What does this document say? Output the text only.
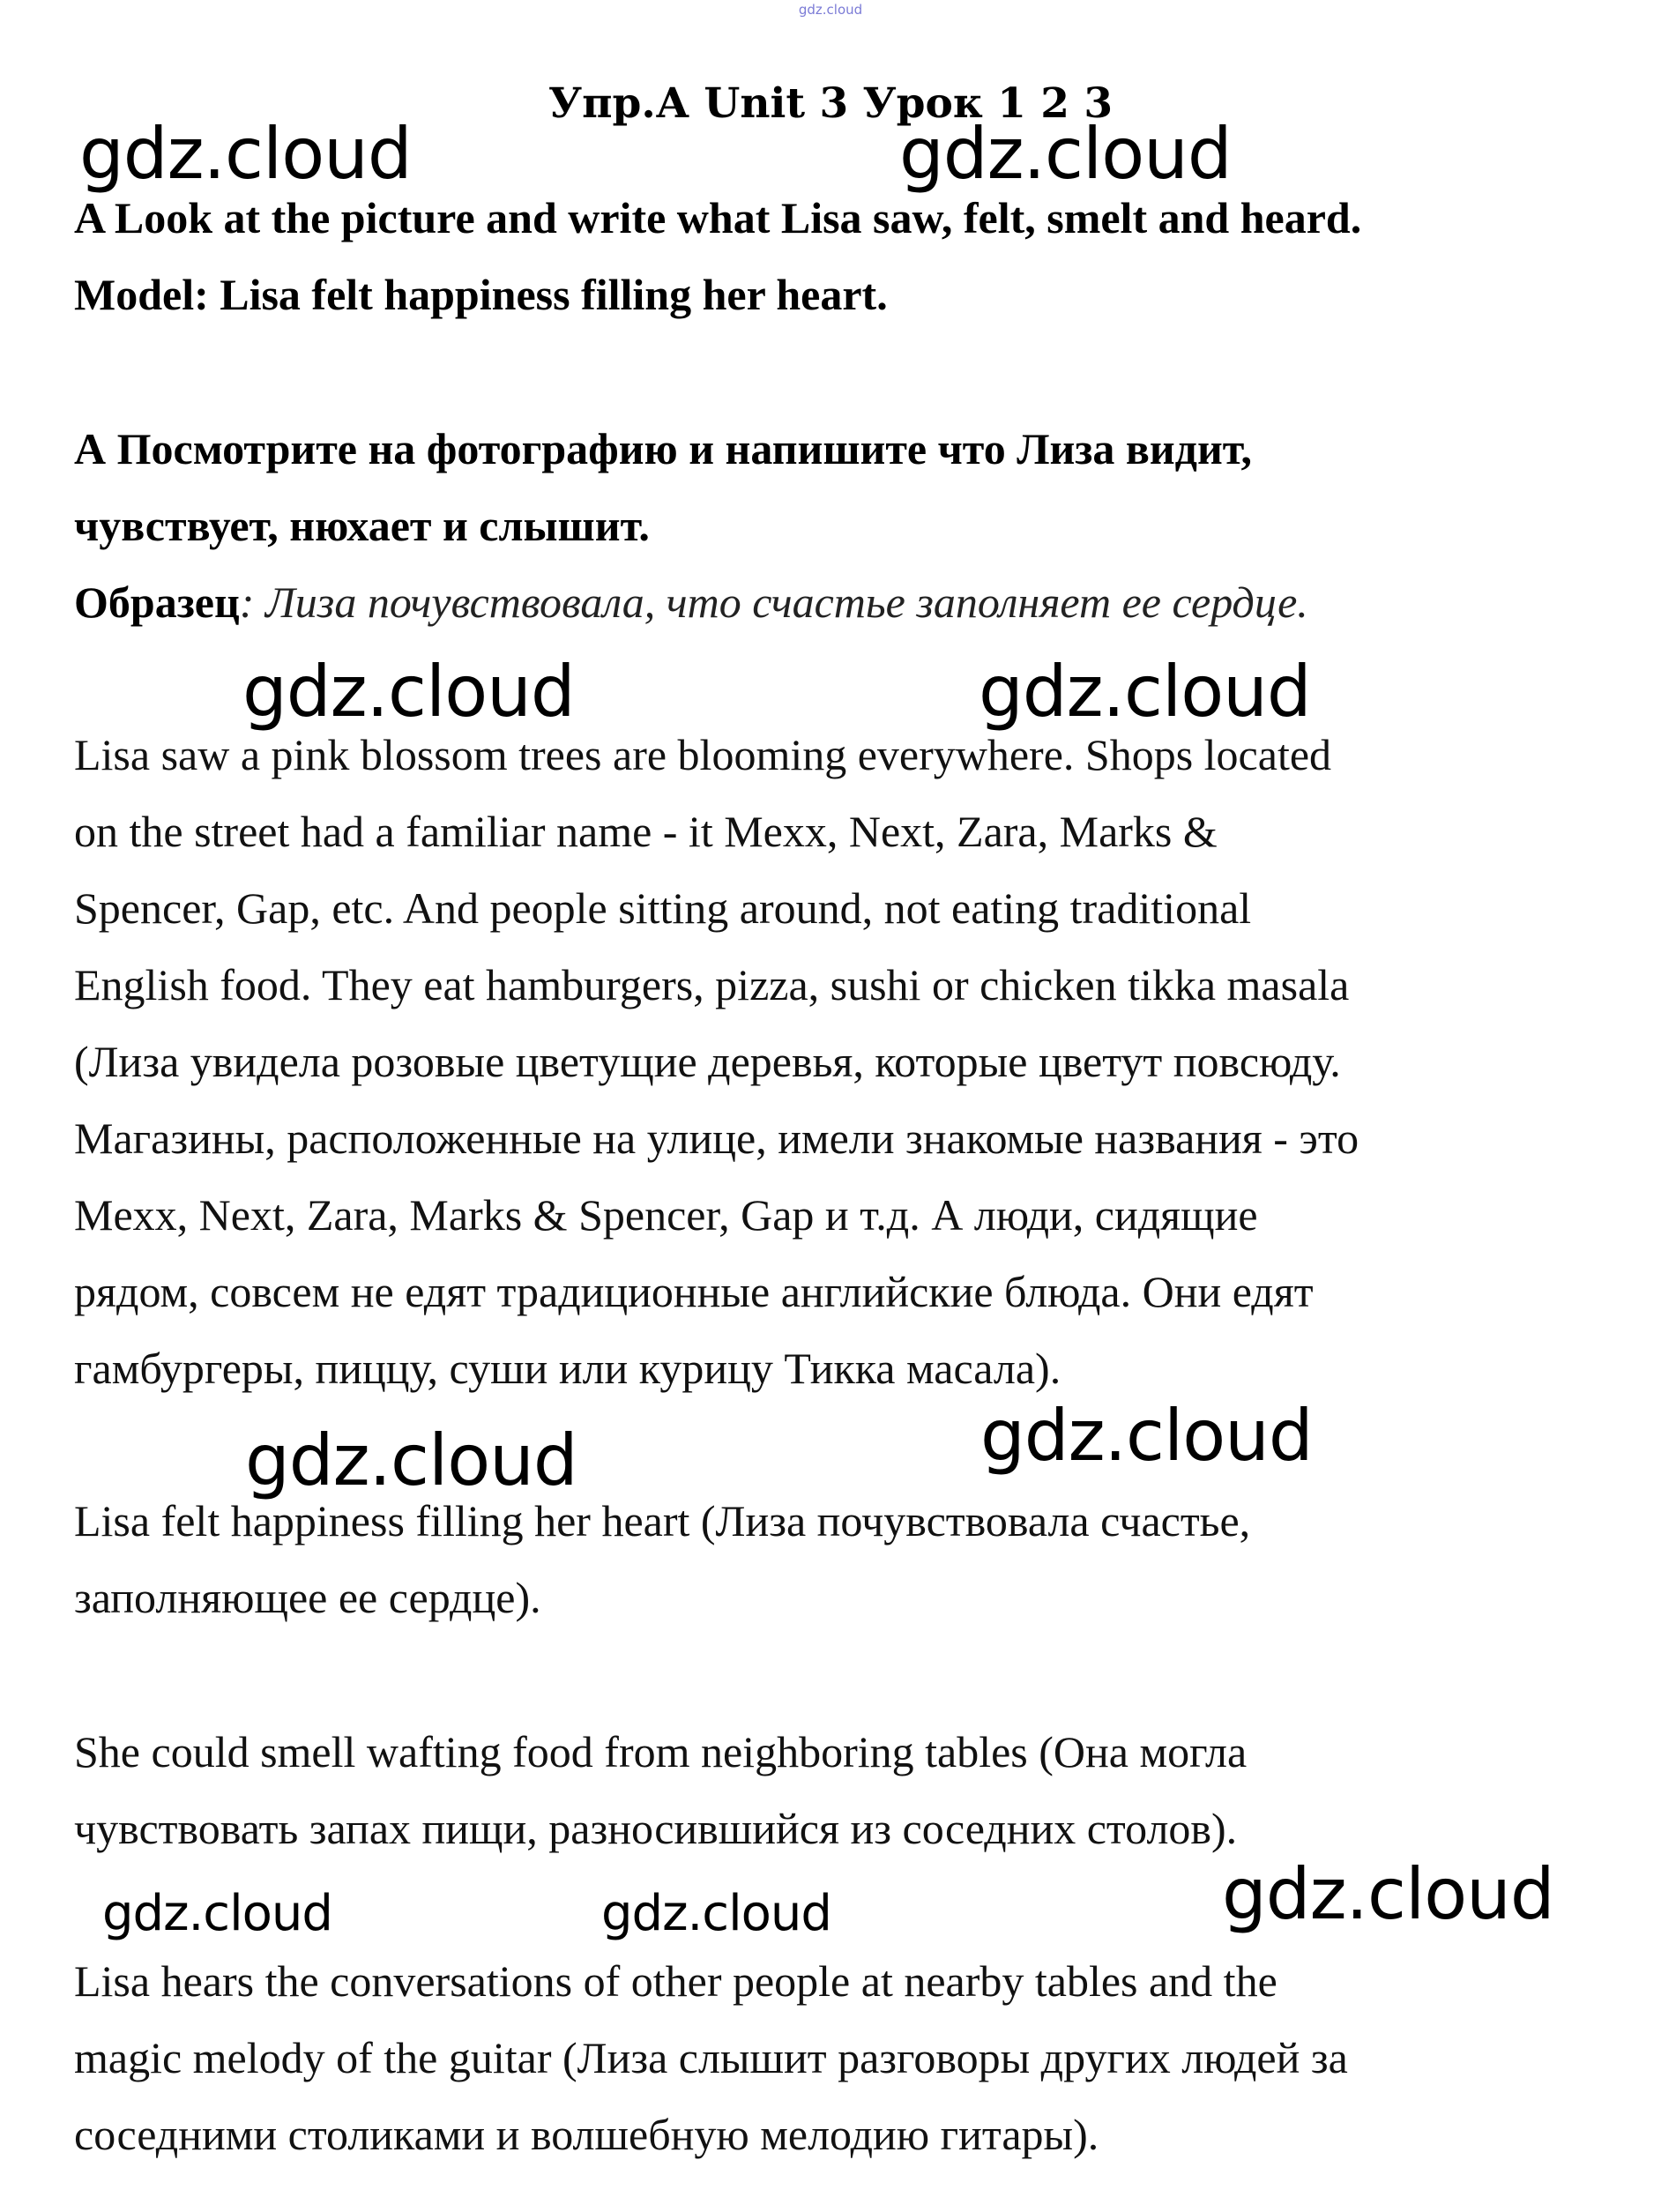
gdz.cloud
Упр.А Unit 3 Урок 1 2 3
gdz.cloud	gdz.cloud
gdz.cloud	gdz.cloud
gdz.cloud	gdz.cloud
gdz.cloud	gdz.cloud	gdz.cloud
A Look at the picture and write what Lisa saw, felt, smelt and heard.
Model: Lisa felt happiness filling her heart.
А Посмотрите на фотографию и напишите что Лиза видит,
чувствует, нюхает и слышит.
Образец: Лиза почувствовала, что счастье заполняет ее сердце.
Lisa saw a pink blossom trees are blooming everywhere. Shops located
on the street had a familiar name - it Mexx, Next, Zara, Marks &
Spencer, Gap, etc. And people sitting around, not eating traditional
English food. They eat hamburgers, pizza, sushi or chicken tikka masala
(Лиза увидела розовые цветущие деревья, которые цветут повсюду.
Магазины, расположенные на улице, имели знакомые названия - это
Mexx, Next, Zara, Marks & Spencer, Gap и т.д. А люди, сидящие
рядом, совсем не едят традиционные английские блюда. Они едят
гамбургеры, пиццу, суши или курицу Тикка масала).
Lisa felt happiness filling her heart (Лиза почувствовала счастье,
заполняющее ее сердце).
She could smell wafting food from neighboring tables (Она могла
чувствовать запах пищи, разносившийся из соседних столов).
Lisa hears the conversations of other people at nearby tables and the
magic melody of the guitar (Лиза слышит разговоры других людей за
соседними столиками и волшебную мелодию гитары).
